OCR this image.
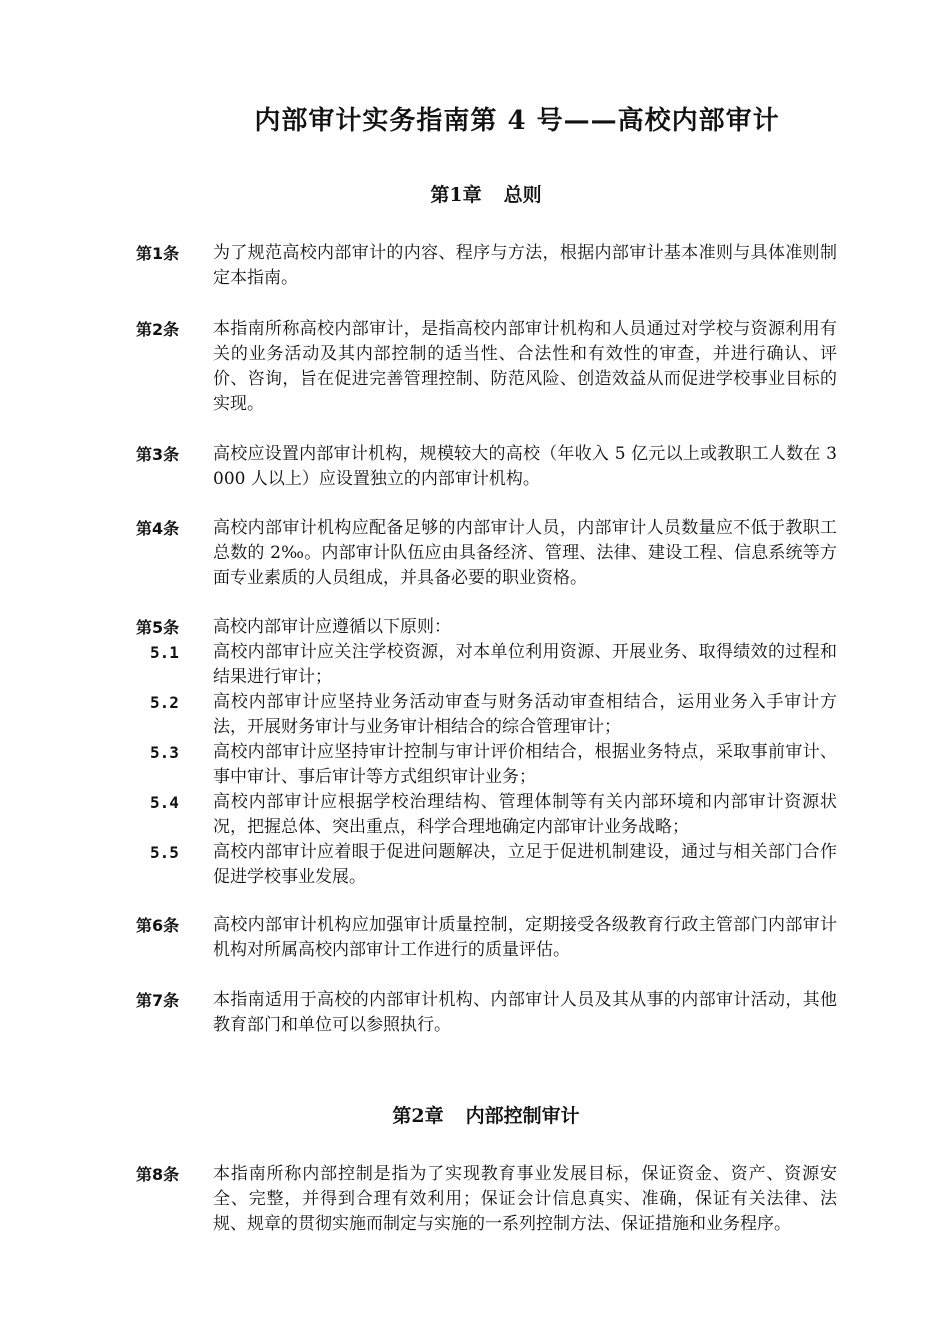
内部审计实务指南第 4 号——高校内部审计
第1章 总则
第1条 为了规范高校内部审计的内容、程序与方法，根据内部审计基本准则与具体准则制定本指南。
第2条 本指南所称高校内部审计，是指高校内部审计机构和人员通过对学校与资源利用有关的业务活动及其内部控制的适当性、合法性和有效性的审查，并进行确认、评价、咨询，旨在促进完善管理控制、防范风险、创造效益从而促进学校事业目标的实现。
第3条 高校应设置内部审计机构，规模较大的高校（年收入 5 亿元以上或教职工人数在 3000 人以上）应设置独立的内部审计机构。
第4条 高校内部审计机构应配备足够的内部审计人员，内部审计人员数量应不低于教职工总数的 2‰。内部审计队伍应由具备经济、管理、法律、建设工程、信息系统等方面专业素质的人员组成，并具备必要的职业资格。
第5条 高校内部审计应遵循以下原则：
5.1 高校内部审计应关注学校资源，对本单位利用资源、开展业务、取得绩效的过程和结果进行审计；
5.2 高校内部审计应坚持业务活动审查与财务活动审查相结合，运用业务入手审计方法，开展财务审计与业务审计相结合的综合管理审计；
5.3 高校内部审计应坚持审计控制与审计评价相结合，根据业务特点，采取事前审计、事中审计、事后审计等方式组织审计业务；
5.4 高校内部审计应根据学校治理结构、管理体制等有关内部环境和内部审计资源状况，把握总体、突出重点，科学合理地确定内部审计业务战略；
5.5 高校内部审计应着眼于促进问题解决，立足于促进机制建设，通过与相关部门合作促进学校事业发展。
第6条 高校内部审计机构应加强审计质量控制，定期接受各级教育行政主管部门内部审计机构对所属高校内部审计工作进行的质量评估。
第7条 本指南适用于高校的内部审计机构、内部审计人员及其从事的内部审计活动，其他教育部门和单位可以参照执行。
第2章 内部控制审计
第8条 本指南所称内部控制是指为了实现教育事业发展目标，保证资金、资产、资源安全、完整，并得到合理有效利用；保证会计信息真实、准确，保证有关法律、法规、规章的贯彻实施而制定与实施的一系列控制方法、保证措施和业务程序。
